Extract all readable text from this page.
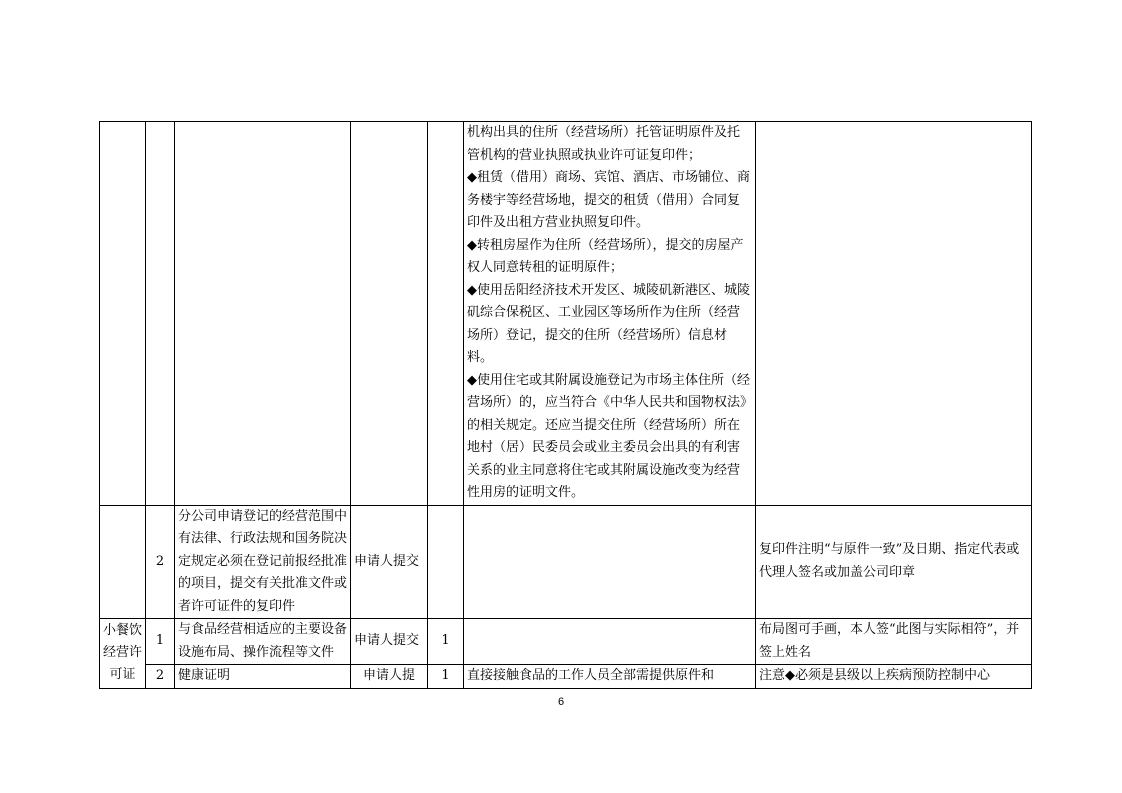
					机构出具的住所（经营场所）托管证明原件及托管机构的营业执照或执业许可证复印件；
◆租赁（借用）商场、宾馆、酒店、市场铺位、商务楼宇等经营场地，提交的租赁（借用）合同复印件及出租方营业执照复印件。
◆转租房屋作为住所（经营场所），提交的房屋产权人同意转租的证明原件；
◆使用岳阳经济技术开发区、城陵矶新港区、城陵矶综合保税区、工业园区等场所作为住所（经营场所）登记，提交的住所（经营场所）信息材料。
◆使用住宅或其附属设施登记为市场主体住所（经营场所）的，应当符合《中华人民共和国物权法》的相关规定。还应当提交住所（经营场所）所在地村（居）民委员会或业主委员会出具的有利害关系的业主同意将住宅或其附属设施改变为经营性用房的证明文件。	

	2	分公司申请登记的经营范围中有法律、行政法规和国务院决定规定必须在登记前报经批准的项目，提交有关批准文件或者许可证件的复印件	申请人提交			复印件注明“与原件一致”及日期、指定代表或代理人签名或加盖公司印章
小餐饮经营许可证	1	与食品经营相适应的主要设备设施布局、操作流程等文件	申请人提交	1		布局图可手画，本人签“此图与实际相符”，并签上姓名
	2	健康证明	申请人提	1	直接接触食品的工作人员全部需提供原件和	注意◆必须是县级以上疾病预防控制中心
6
